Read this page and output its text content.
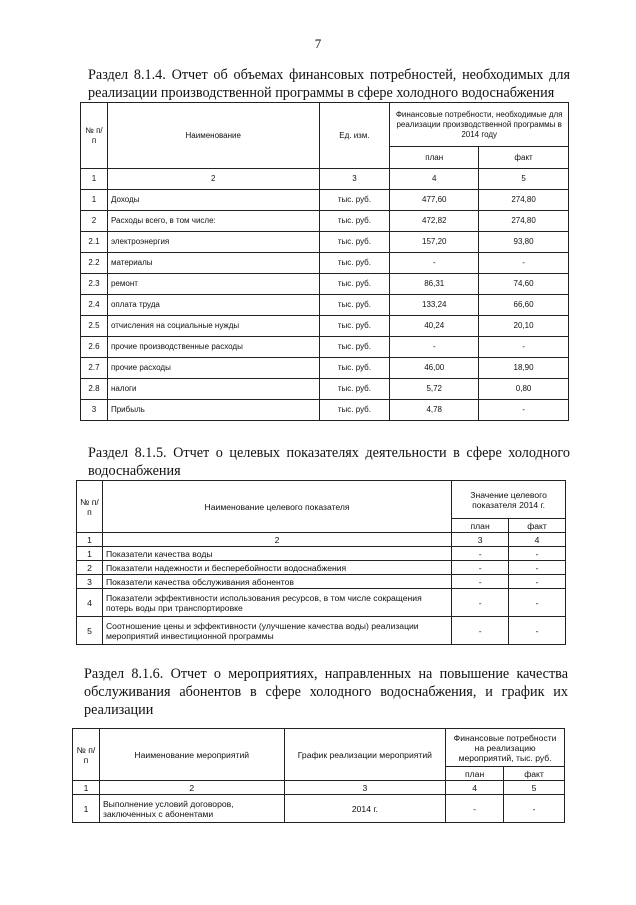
7
Раздел 8.1.4. Отчет об объемах финансовых потребностей, необходимых для реализации производственной программы в сфере холодного водоснабжения
№ п/п	Наименование	Ед. изм.	Финансовые потребности, необходимые для реализации производственной программы в 2014 году	
			план	факт
1	2	3	4	5
1	Доходы	тыс. руб.	477,60	274,80
2	Расходы всего, в том числе:	тыс. руб.	472,82	274,80
2.1	электроэнергия	тыс. руб.	157,20	93,80
2.2	материалы	тыс. руб.	-	-
2.3	ремонт	тыс. руб.	86,31	74,60
2.4	оплата труда	тыс. руб.	133,24	66,60
2.5	отчисления на социальные нужды	тыс. руб.	40,24	20,10
2.6	прочие производственные расходы	тыс. руб.	-	-
2.7	прочие расходы	тыс. руб.	46,00	18,90
2.8	налоги	тыс. руб.	5,72	0,80
3	Прибыль	тыс. руб.	4,78	-
Раздел 8.1.5. Отчет о целевых показателях деятельности в сфере холодного водоснабжения
№ п/п	Наименование целевого показателя	Значение целевого показателя 2014 г.	
		план	факт
1	2	3	4
1	Показатели качества воды	-	-
2	Показатели надежности и бесперебойности водоснабжения	-	-
3	Показатели качества обслуживания абонентов	-	-
4	Показатели эффективности использования ресурсов, в том числе сокращения потерь воды при транспортировке	-	-
5	Соотношение цены и эффективности (улучшение качества воды) реализации мероприятий инвестиционной программы	-	-
Раздел 8.1.6. Отчет о мероприятиях, направленных на повышение качества обслуживания абонентов в сфере холодного водоснабжения, и график их реализации
№ п/п	Наименование мероприятий	График реализации мероприятий	Финансовые потребности на реализацию мероприятий, тыс. руб.	
			план	факт
1	2	3	4	5
1	Выполнение условий договоров, заключенных с абонентами	2014 г.	-	-
